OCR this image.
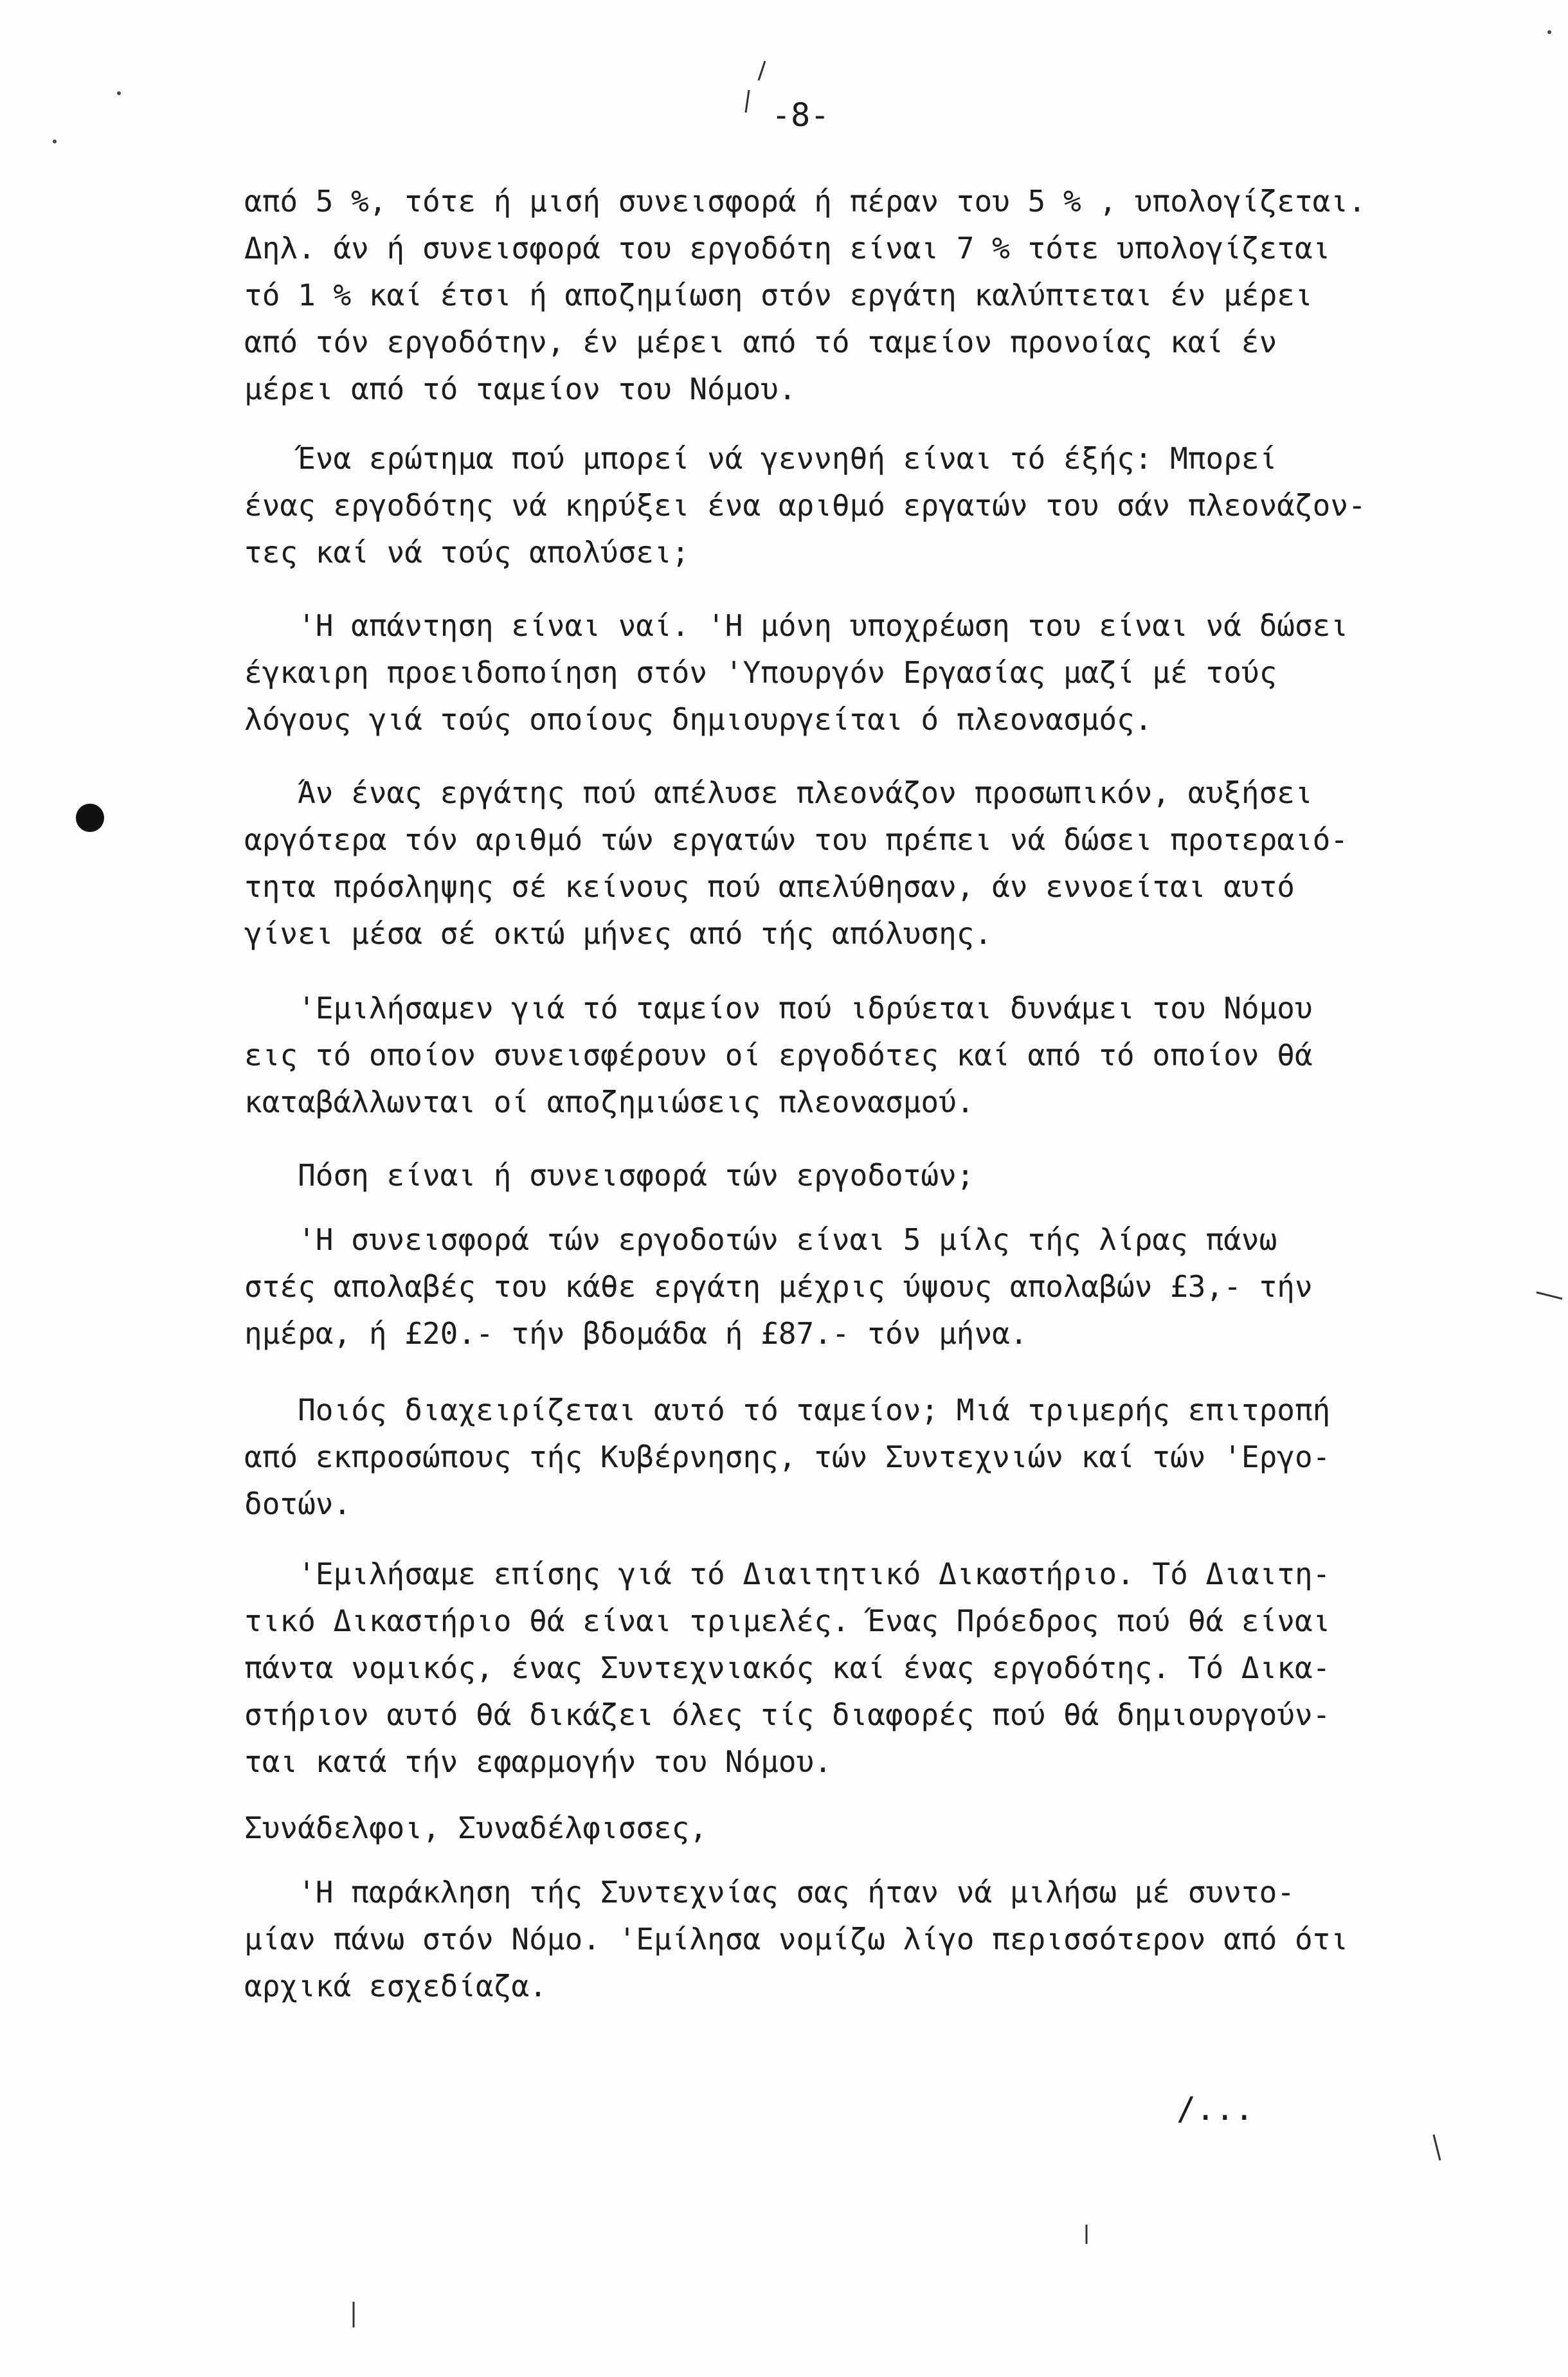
-8-
από 5 %, τότε ή μισή συνεισφορά ή πέραν του 5 % , υπολογίζεται.
Δηλ. άν ή συνεισφορά του εργοδότη είναι 7 % τότε υπολογίζεται
τό 1 % καί έτσι ή αποζημίωση στόν εργάτη καλύπτεται έν μέρει
από τόν εργοδότην, έν μέρει από τό ταμείον προνοίας καί έν
μέρει από τό ταμείον του Νόμου.
Ένα ερώτημα πού μπορεί νά γεννηθή είναι τό έξής: Μπορεί
ένας εργοδότης νά κηρύξει ένα αριθμό εργατών του σάν πλεονάζον-
τες καί νά τούς απολύσει;
'Η απάντηση είναι ναί. 'Η μόνη υποχρέωση του είναι νά δώσει
έγκαιρη προειδοποίηση στόν 'Υπουργόν Εργασίας μαζί μέ τούς
λόγους γιά τούς οποίους δημιουργείται ό πλεονασμός.
Άν ένας εργάτης πού απέλυσε πλεονάζον προσωπικόν, αυξήσει
αργότερα τόν αριθμό τών εργατών του πρέπει νά δώσει προτεραιό-
τητα πρόσληψης σέ κείνους πού απελύθησαν, άν εννοείται αυτό
γίνει μέσα σέ οκτώ μήνες από τής απόλυσης.
'Εμιλήσαμεν γιά τό ταμείον πού ιδρύεται δυνάμει του Νόμου
εις τό οποίον συνεισφέρουν οί εργοδότες καί από τό οποίον θά
καταβάλλωνται οί αποζημιώσεις πλεονασμού.
Πόση είναι ή συνεισφορά τών εργοδοτών;
'Η συνεισφορά τών εργοδοτών είναι 5 μίλς τής λίρας πάνω
στές απολαβές του κάθε εργάτη μέχρις ύψους απολαβών £3,- τήν
ημέρα, ή £20.- τήν βδομάδα ή £87.- τόν μήνα.
Ποιός διαχειρίζεται αυτό τό ταμείον; Μιά τριμερής επιτροπή
από εκπροσώπους τής Κυβέρνησης, τών Συντεχνιών καί τών 'Εργο-
δοτών.
'Εμιλήσαμε επίσης γιά τό Διαιτητικό Δικαστήριο. Τό Διαιτη-
τικό Δικαστήριο θά είναι τριμελές. Ένας Πρόεδρος πού θά είναι
πάντα νομικός, ένας Συντεχνιακός καί ένας εργοδότης. Τό Δικα-
στήριον αυτό θά δικάζει όλες τίς διαφορές πού θά δημιουργούν-
ται κατά τήν εφαρμογήν του Νόμου.
Συνάδελφοι, Συναδέλφισσες,
'Η παράκληση τής Συντεχνίας σας ήταν νά μιλήσω μέ συντο-
μίαν πάνω στόν Νόμο. 'Εμίλησα νομίζω λίγο περισσότερον από ότι
αρχικά εσχεδίαζα.
/...
